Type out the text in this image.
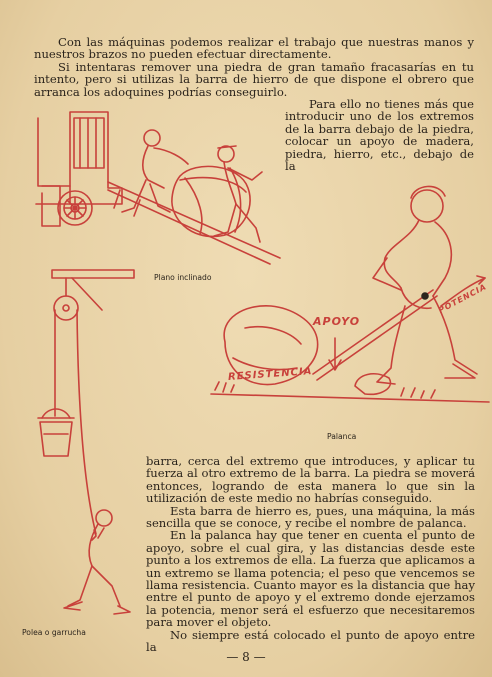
Con las máquinas podemos realizar el trabajo que nuestras manos y nuestros brazos no pueden efectuar directamente.

Si intentaras remover una piedra de gran tamaño fracasarías en tu intento, pero si utilizas la barra de hierro de que dispone el obrero que arranca los adoquines podrías conseguirlo.

Para ello no tienes más que introducir uno de los extremos de la barra debajo de la piedra, colocar un apoyo de madera, piedra, hierro, etc., debajo de la

Plano inclinado
APOYO
RESISTENCIA
POTENCIA
Palanca
Polea o garrucha

barra, cerca del extremo que introduces, y aplicar tu fuerza al otro extremo de la barra. La piedra se moverá entonces, logrando de esta manera lo que sin la utilización de este medio no habrías conseguido.

Esta barra de hierro es, pues, una máquina, la más sencilla que se conoce, y recibe el nombre de palanca.

En la palanca hay que tener en cuenta el punto de apoyo, sobre el cual gira, y las distancias desde este punto a los extremos de ella. La fuerza que aplicamos a un extremo se llama potencia; el peso que vencemos se llama resistencia. Cuanto mayor es la distancia que hay entre el punto de apoyo y el extremo donde ejerzamos la potencia, menor será el esfuerzo que necesitaremos para mover el objeto.

No siempre está colocado el punto de apoyo entre la

— 8 —
